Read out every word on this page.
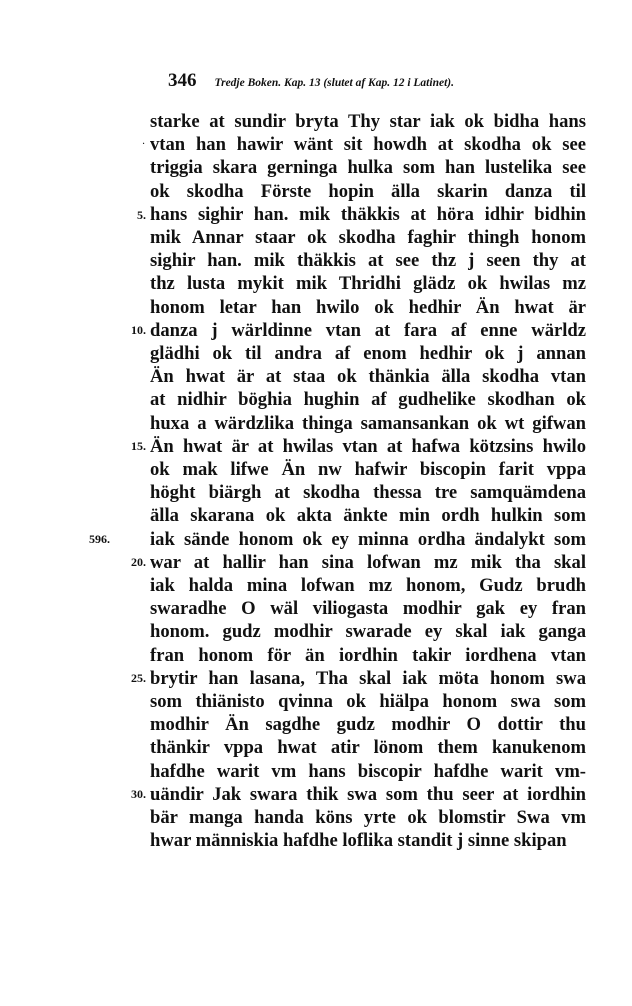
346 Tredje Boken. Kap. 13 (slutet af Kap. 12 i Latinet).
·
starke at sundir bryta Thy star iak ok bidha hans
vtan han hawir wänt sit howdh at skodha ok see
triggia skara gerninga hulka som han lustelika see
ok skodha Förste hopin älla skarin danza til
hans sighir han. mik thäkkis at höra idhir bidhin
mik Annar staar ok skodha faghir thingh honom
sighir han. mik thäkkis at see thz j seen thy at
thz lusta mykit mik Thridhi glädz ok hwilas mz
honom letar han hwilo ok hedhir Än hwat är
danza j wärldinne vtan at fara af enne wärldz
glädhi ok til andra af enom hedhir ok j annan
Än hwat är at staa ok thänkia älla skodha vtan
at nidhir böghia hughin af gudhelike skodhan ok
huxa a wärdzlika thinga samansankan ok wt gifwan
Än hwat är at hwilas vtan at hafwa kötzsins hwilo
ok mak lifwe Än nw hafwir biscopin farit vppa
höght biärgh at skodha thessa tre samquämdena
älla skarana ok akta änkte min ordh hulkin som
iak sände honom ok ey minna ordha ändalykt som
war at hallir han sina lofwan mz mik tha skal
iak halda mina lofwan mz honom, Gudz brudh
swaradhe O wäl viliogasta modhir gak ey fran
honom. gudz modhir swarade ey skal iak ganga
fran honom för än iordhin takir iordhena vtan
brytir han lasana, Tha skal iak möta honom swa
som thiänisto qvinna ok hiälpa honom swa som
modhir Än sagdhe gudz modhir O dottir thu
thänkir vppa hwat atir lönom them kanukenom
hafdhe warit vm hans biscopir hafdhe warit vm-
uändir Jak swara thik swa som thu seer at iordhin
bär manga handa köns yrte ok blomstir Swa vm
hwar människia hafdhe loflika standit j sinne skipan
5.
10.
15.
20.
25.
30.
596.
